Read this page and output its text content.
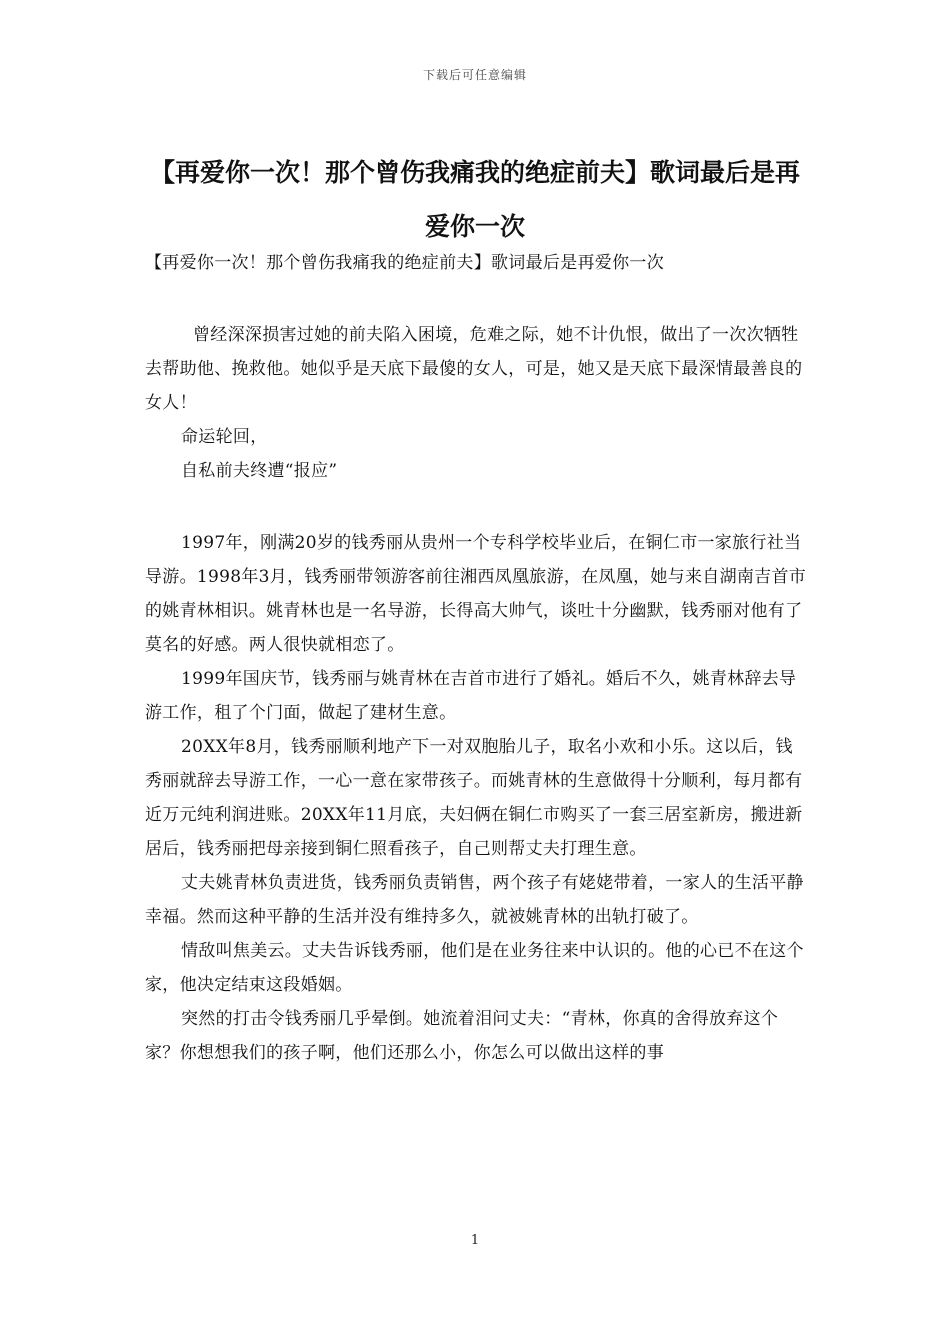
下载后可任意编辑
【再爱你一次！那个曾伤我痛我的绝症前夫】歌词最后是再爱你一次

【再爱你一次！那个曾伤我痛我的绝症前夫】歌词最后是再爱你一次

曾经深深损害过她的前夫陷入困境，危难之际，她不计仇恨，做出了一次次牺牲去帮助他、挽救他。她似乎是天底下最傻的女人，可是，她又是天底下最深情最善良的女人！

命运轮回，

自私前夫终遭“报应”

1997年，刚满20岁的钱秀丽从贵州一个专科学校毕业后，在铜仁市一家旅行社当导游。1998年3月，钱秀丽带领游客前往湘西凤凰旅游，在凤凰，她与来自湖南吉首市的姚青林相识。姚青林也是一名导游，长得高大帅气，谈吐十分幽默，钱秀丽对他有了莫名的好感。两人很快就相恋了。

1999年国庆节，钱秀丽与姚青林在吉首市进行了婚礼。婚后不久，姚青林辞去导游工作，租了个门面，做起了建材生意。

20XX年8月，钱秀丽顺利地产下一对双胞胎儿子，取名小欢和小乐。这以后，钱秀丽就辞去导游工作，一心一意在家带孩子。而姚青林的生意做得十分顺利，每月都有近万元纯利润进账。20XX年11月底，夫妇俩在铜仁市购买了一套三居室新房，搬进新居后，钱秀丽把母亲接到铜仁照看孩子，自己则帮丈夫打理生意。

丈夫姚青林负责进货，钱秀丽负责销售，两个孩子有姥姥带着，一家人的生活平静幸福。然而这种平静的生活并没有维持多久，就被姚青林的出轨打破了。

情敌叫焦美云。丈夫告诉钱秀丽，他们是在业务往来中认识的。他的心已不在这个家，他决定结束这段婚姻。

突然的打击令钱秀丽几乎晕倒。她流着泪问丈夫：“青林，你真的舍得放弃这个家？你想想我们的孩子啊，他们还那么小，你怎么可以做出这样的事

1
